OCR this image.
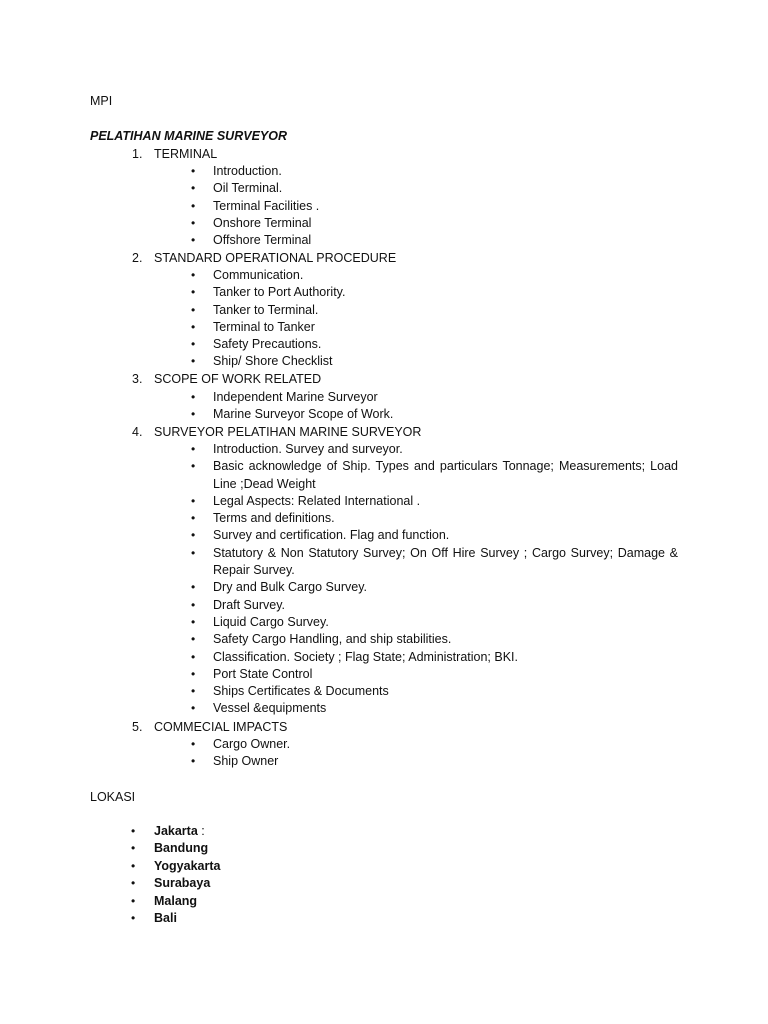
MPI
PELATIHAN MARINE SURVEYOR
1. TERMINAL
• Introduction.
• Oil Terminal.
• Terminal Facilities .
• Onshore Terminal
• Offshore Terminal
2. STANDARD OPERATIONAL PROCEDURE
• Communication.
• Tanker to Port Authority.
• Tanker to Terminal.
• Terminal to Tanker
• Safety Precautions.
• Ship/ Shore Checklist
3. SCOPE OF WORK RELATED
• Independent Marine Surveyor
• Marine Surveyor Scope of Work.
4. SURVEYOR PELATIHAN MARINE SURVEYOR
• Introduction. Survey and surveyor.
• Basic acknowledge of Ship. Types and particulars Tonnage; Measurements; Load Line ;Dead Weight
• Legal Aspects: Related International .
• Terms and definitions.
• Survey and certification. Flag and function.
• Statutory & Non Statutory Survey; On Off Hire Survey ; Cargo Survey; Damage & Repair Survey.
• Dry and Bulk Cargo Survey.
• Draft Survey.
• Liquid Cargo Survey.
• Safety Cargo Handling, and ship stabilities.
• Classification. Society ; Flag State; Administration; BKI.
• Port State Control
• Ships Certificates & Documents
• Vessel &equipments
5. COMMECIAL IMPACTS
• Cargo Owner.
• Ship Owner
LOKASI
• Jakarta :
• Bandung
• Yogyakarta
• Surabaya
• Malang
• Bali
